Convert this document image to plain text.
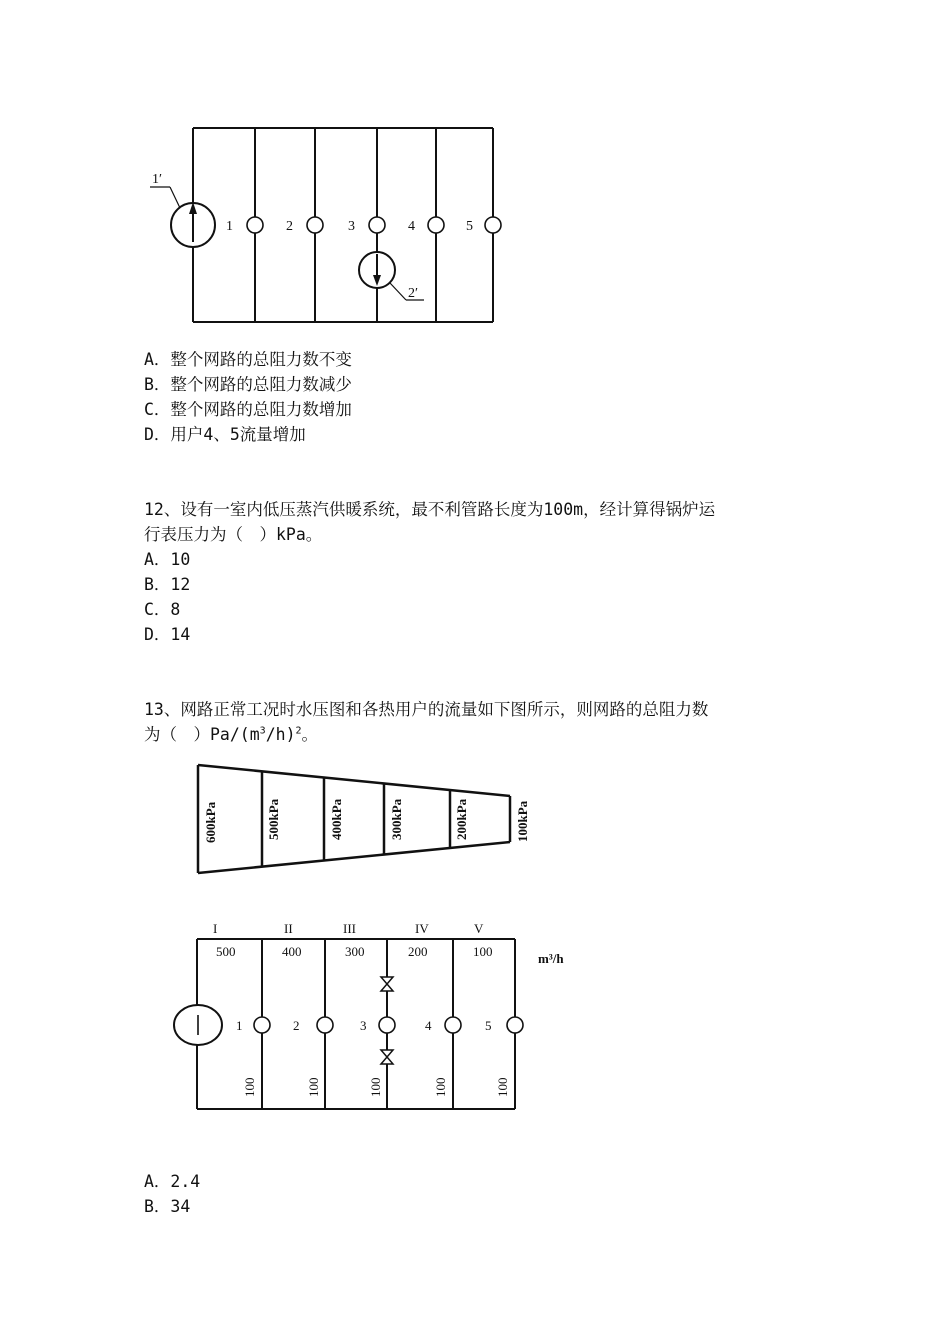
1′
1	2	3	4	5
2′
A．整个网路的总阻力数不变
B．整个网路的总阻力数减少
C．整个网路的总阻力数增加
D．用户4、5流量增加
12、设有一室内低压蒸汽供暖系统，最不利管路长度为100m，经计算得锅炉运
行表压力为（　）kPa。
A．10
B．12
C．8
D．14
13、网路正常工况时水压图和各热用户的流量如下图所示，则网路的总阻力数
为（　）$Pa/(m^3/h)^2$。
600kPa	500kPa	400kPa	300kPa	200kPa	100kPa
I	II	III	IV	V
500	400	300	200	100	m³/h
1	2	3	4	5
100	100	100	100	100
A．2.4
B．34
